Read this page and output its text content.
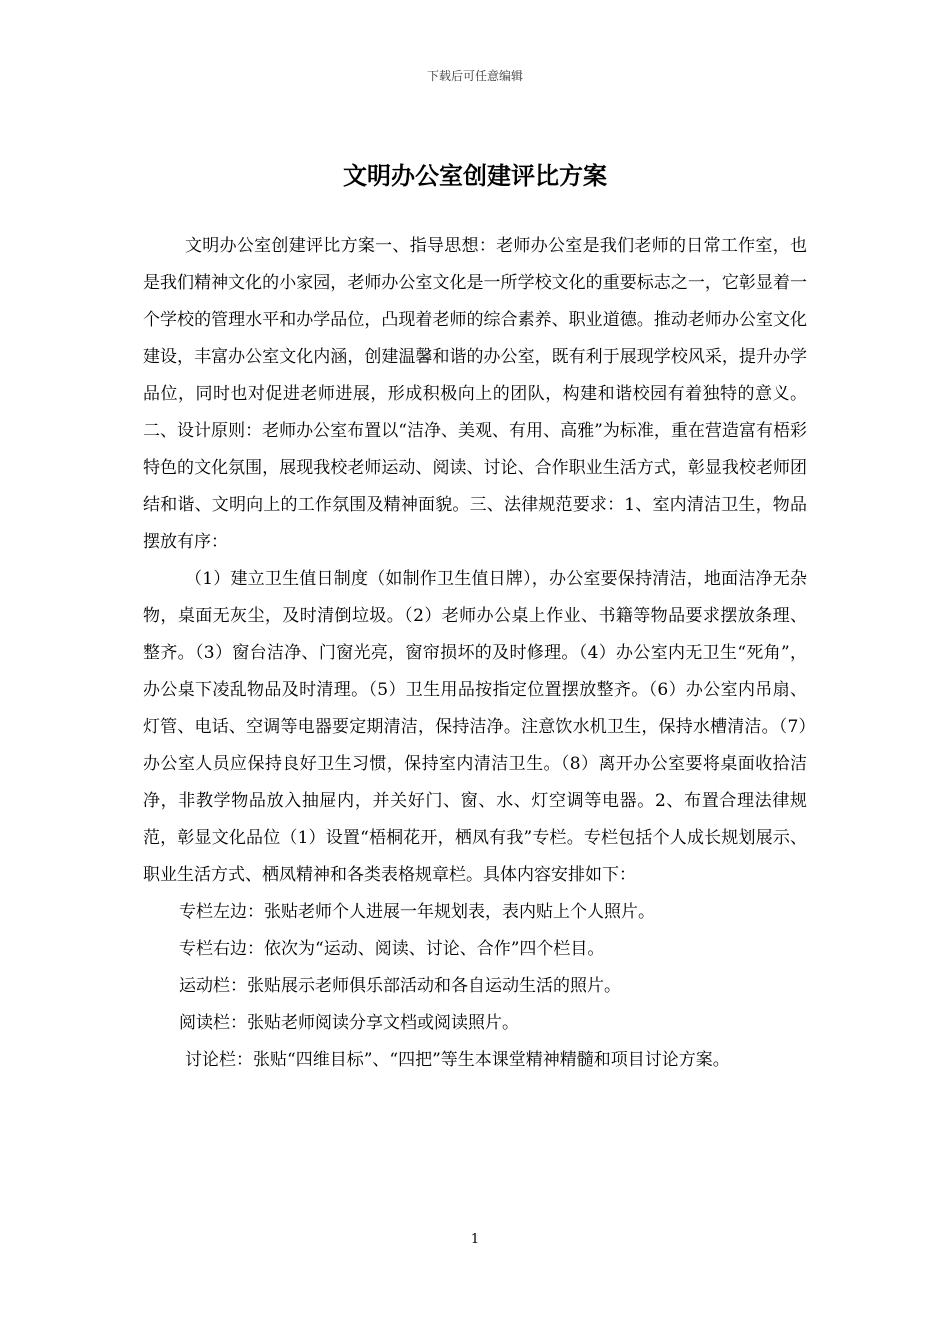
下载后可任意编辑
文明办公室创建评比方案

文明办公室创建评比方案一、指导思想：老师办公室是我们老师的日常工作室，也是我们精神文化的小家园，老师办公室文化是一所学校文化的重要标志之一，它彰显着一个学校的管理水平和办学品位，凸现着老师的综合素养、职业道德。推动老师办公室文化建设，丰富办公室文化内涵，创建温馨和谐的办公室，既有利于展现学校风采，提升办学品位，同时也对促进老师进展，形成积极向上的团队，构建和谐校园有着独特的意义。二、设计原则：老师办公室布置以“洁净、美观、有用、高雅”为标准，重在营造富有梧彩特色的文化氛围，展现我校老师运动、阅读、讨论、合作职业生活方式，彰显我校老师团结和谐、文明向上的工作氛围及精神面貌。三、法律规范要求：1、室内清洁卫生，物品摆放有序：

（1）建立卫生值日制度（如制作卫生值日牌），办公室要保持清洁，地面洁净无杂物，桌面无灰尘，及时清倒垃圾。（2）老师办公桌上作业、书籍等物品要求摆放条理、整齐。（3）窗台洁净、门窗光亮，窗帘损坏的及时修理。（4）办公室内无卫生“死角”，办公桌下凌乱物品及时清理。（5）卫生用品按指定位置摆放整齐。（6）办公室内吊扇、灯管、电话、空调等电器要定期清洁，保持洁净。注意饮水机卫生，保持水槽清洁。（7）办公室人员应保持良好卫生习惯，保持室内清洁卫生。（8）离开办公室要将桌面收拾洁净，非教学物品放入抽屉内，并关好门、窗、水、灯空调等电器。2、布置合理法律规范，彰显文化品位（1）设置“梧桐花开，栖凤有我”专栏。专栏包括个人成长规划展示、职业生活方式、栖凤精神和各类表格规章栏。具体内容安排如下：

专栏左边：张贴老师个人进展一年规划表，表内贴上个人照片。

专栏右边：依次为“运动、阅读、讨论、合作”四个栏目。

运动栏：张贴展示老师俱乐部活动和各自运动生活的照片。

阅读栏：张贴老师阅读分享文档或阅读照片。

讨论栏：张贴“四维目标”、“四把”等生本课堂精神精髓和项目讨论方案。

1
